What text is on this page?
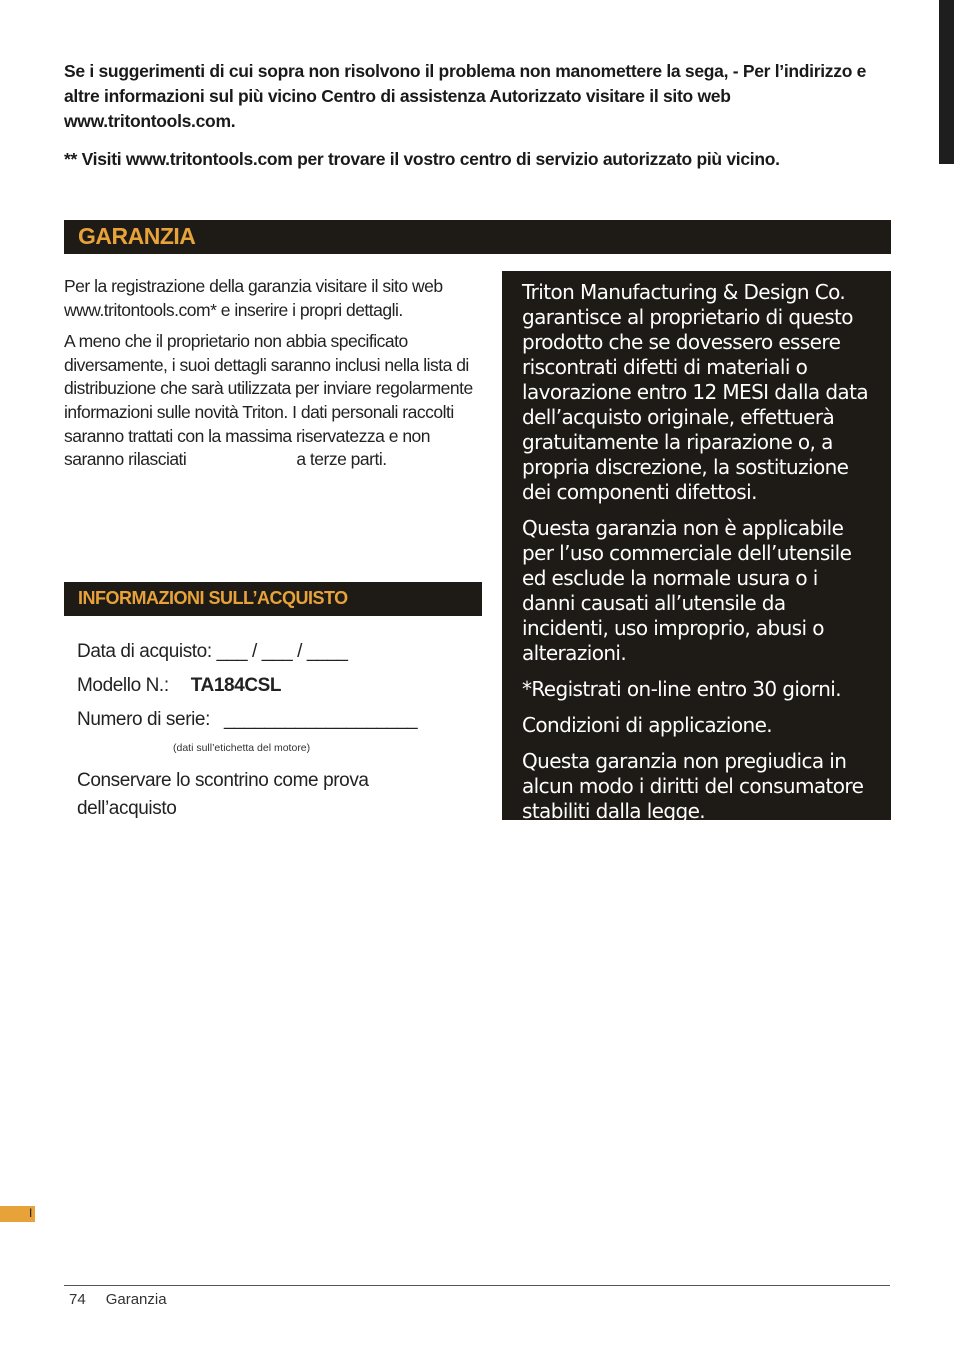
Se i suggerimenti di cui sopra non risolvono il problema non manomettere la sega, - Per l’indirizzo e altre informazioni sul più vicino Centro di assistenza Autorizzato visitare il sito web www.tritontools.com.
** Visiti www.tritontools.com per trovare il vostro centro di servizio autorizzato più vicino.
GARANZIA

Per la registrazione della garanzia visitare il sito web www.tritontools.com* e inserire i propri dettagli.

A meno che il proprietario non abbia specificato diversamente, i suoi dettagli saranno inclusi nella lista di distribuzione che sarà utilizzata per inviare regolarmente informazioni sulle novità Triton. I dati personali raccolti saranno trattati con la massima riservatezza e non saranno rilasciati	a terze parti.

INFORMAZIONI SULL’ACQUISTO
Data di acquisto: ___ / ___ / ____
Modello N.: TA184CSL
Numero di serie: ___________________
(dati sull’etichetta del motore)
Conservare lo scontrino come prova dell’acquisto

Triton Manufacturing & Design Co. garantisce al proprietario di questo prodotto che se dovessero essere riscontrati difetti di materiali o lavorazione entro 12 MESI dalla data dell’acquisto originale, effettuerà gratuitamente la riparazione o, a propria discrezione, la sostituzione dei componenti difettosi.

Questa garanzia non è applicabile per l’uso commerciale dell’utensile ed esclude la normale usura o i danni causati all’utensile da incidenti, uso improprio, abusi o alterazioni.

*Registrati on-line entro 30 giorni.

Condizioni di applicazione.

Questa garanzia non pregiudica in alcun modo i diritti del consumatore stabiliti dalla legge.

I
74 Garanzia
